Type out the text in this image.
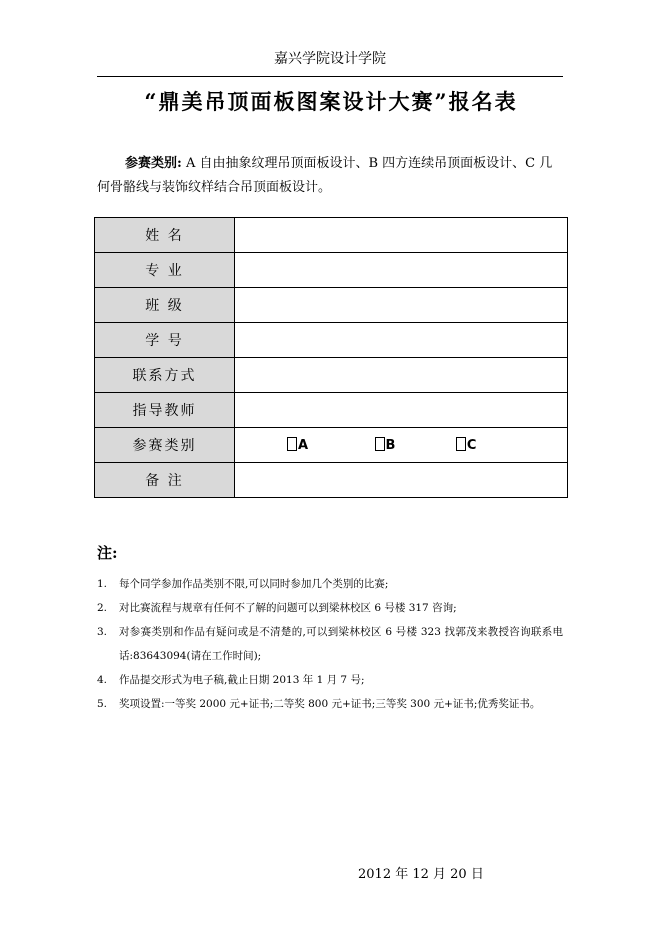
嘉兴学院设计学院
“鼎美吊顶面板图案设计大赛”报名表
参赛类别: A 自由抽象纹理吊顶面板设计、B 四方连续吊顶面板设计、C 几何骨骼线与装饰纹样结合吊顶面板设计。
姓 名	
专 业	
班 级	
学 号	
联系方式	
指导教师	
参赛类别	A B C
备 注	
注:
1. 每个同学参加作品类别不限,可以同时参加几个类别的比赛;
2. 对比赛流程与规章有任何不了解的问题可以到梁林校区 6 号楼 317 咨询;
3. 对参赛类别和作品有疑问或是不清楚的,可以到梁林校区 6 号楼 323 找郭茂来教授咨询联系电话:83643094(请在工作时间);
4. 作品提交形式为电子稿,截止日期 2013 年 1 月 7 号;
5. 奖项设置:一等奖 2000 元+证书;二等奖 800 元+证书;三等奖 300 元+证书;优秀奖证书。
2012 年 12 月 20 日
